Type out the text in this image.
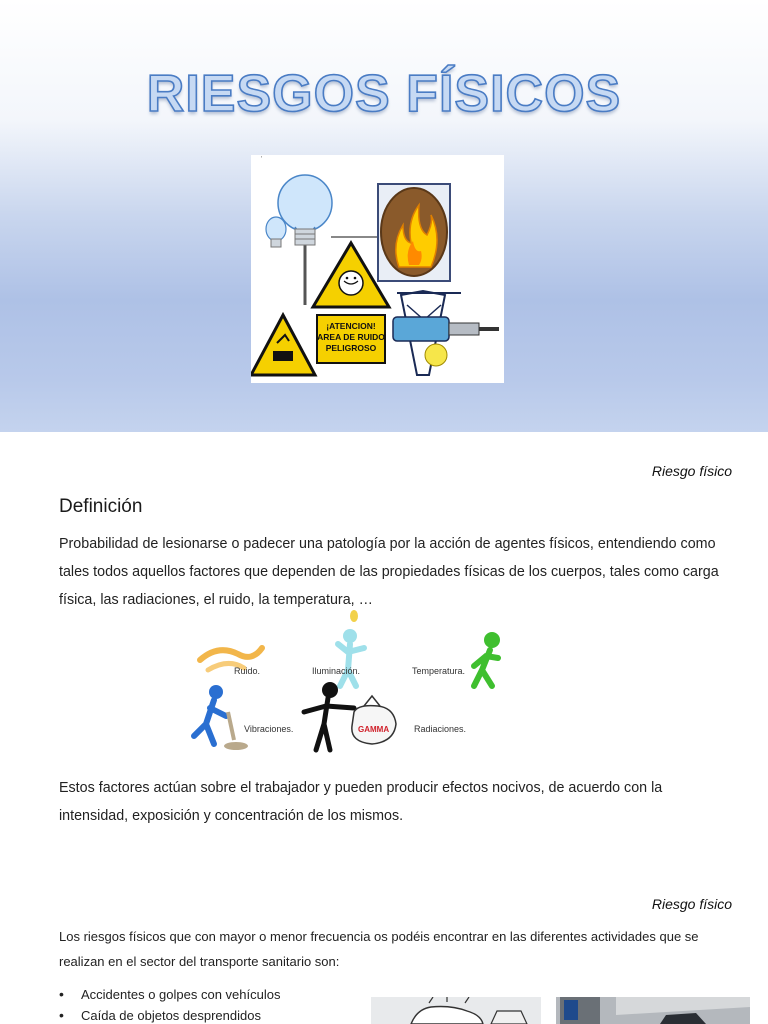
RIESGOS FÍSICOS
¡ATENCION!
AREA DE RUIDO
PELIGROSO
ˈ
Riesgo físico
Definición

Probabilidad de lesionarse o padecer una patología por la acción de agentes físicos, entendiendo como tales todos aquellos factores que dependen de las propiedades físicas de los cuerpos, tales como carga física, las radiaciones, el ruido, la temperatura, …

Ruido.	Iluminación.	Temperatura.
Vibraciones.	GAMMA	Radiaciones.

Estos factores actúan sobre el trabajador y pueden producir efectos nocivos, de acuerdo con la intensidad, exposición y concentración de los mismos.

Riesgo físico

Los riesgos físicos que con mayor o menor frecuencia os podéis encontrar en las diferentes actividades que se realizan en el sector del transporte sanitario son:

• Accidentes o golpes con vehículos
• Caída de objetos desprendidos
